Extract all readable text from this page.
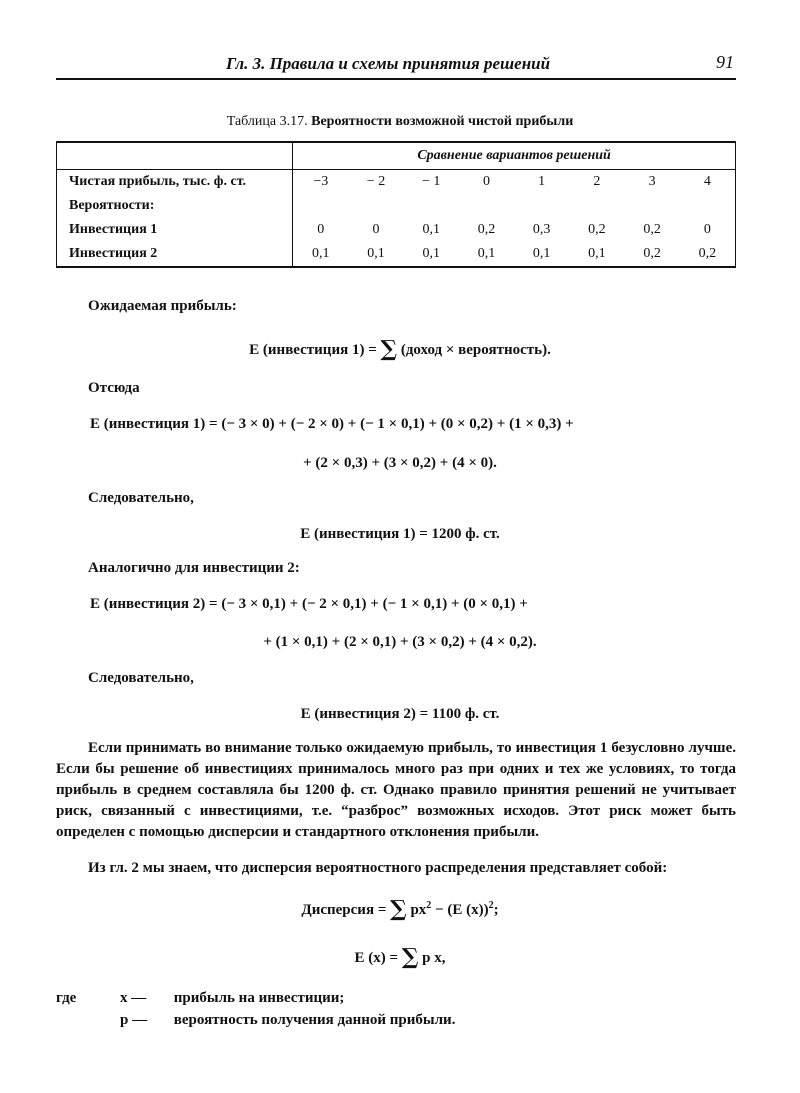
Гл. 3. Правила и схемы принятия решений	91
Таблица 3.17. Вероятности возможной чистой прибыли
	Сравнение вариантов решений							
Чистая прибыль, тыс. ф. ст.	−3	− 2	− 1	0	1	2	3	4
Вероятности:								
Инвестиция 1	0	0	0,1	0,2	0,3	0,2	0,2	0
Инвестиция 2	0,1	0,1	0,1	0,1	0,1	0,1	0,2	0,2
Ожидаемая прибыль:
Е (инвестиция 1) = ∑ (доход × вероятность).
Отсюда
Е (инвестиция 1) = (− 3 × 0) + (− 2 × 0) + (− 1 × 0,1) + (0 × 0,2) + (1 × 0,3) +
+ (2 × 0,3) + (3 × 0,2) + (4 × 0).
Следовательно,
Е (инвестиция 1) = 1200 ф. ст.
Аналогично для инвестиции 2:
Е (инвестиция 2) = (− 3 × 0,1) + (− 2 × 0,1) + (− 1 × 0,1) + (0 × 0,1) +
+ (1 × 0,1) + (2 × 0,1) + (3 × 0,2) + (4 × 0,2).
Следовательно,
Е (инвестиция 2) = 1100 ф. ст.
Если принимать во внимание только ожидаемую прибыль, то инвестиция 1 безусловно лучше. Если бы решение об инвестициях принималось много раз при одних и тех же условиях, то тогда прибыль в среднем составляла бы 1200 ф. ст. Однако правило принятия решений не учитывает риск, связанный с инвестициями, т.е. “разброс” возможных исходов. Этот риск может быть определен с помощью дисперсии и стандартного отклонения прибыли.
Из гл. 2 мы знаем, что дисперсия вероятностного распределения представляет собой:
Дисперсия = ∑ $px^2 - (E$ (x))$^2$;
E (x) = ∑ p x,
где	x — прибыль на инвестиции;
p — вероятность получения данной прибыли.
